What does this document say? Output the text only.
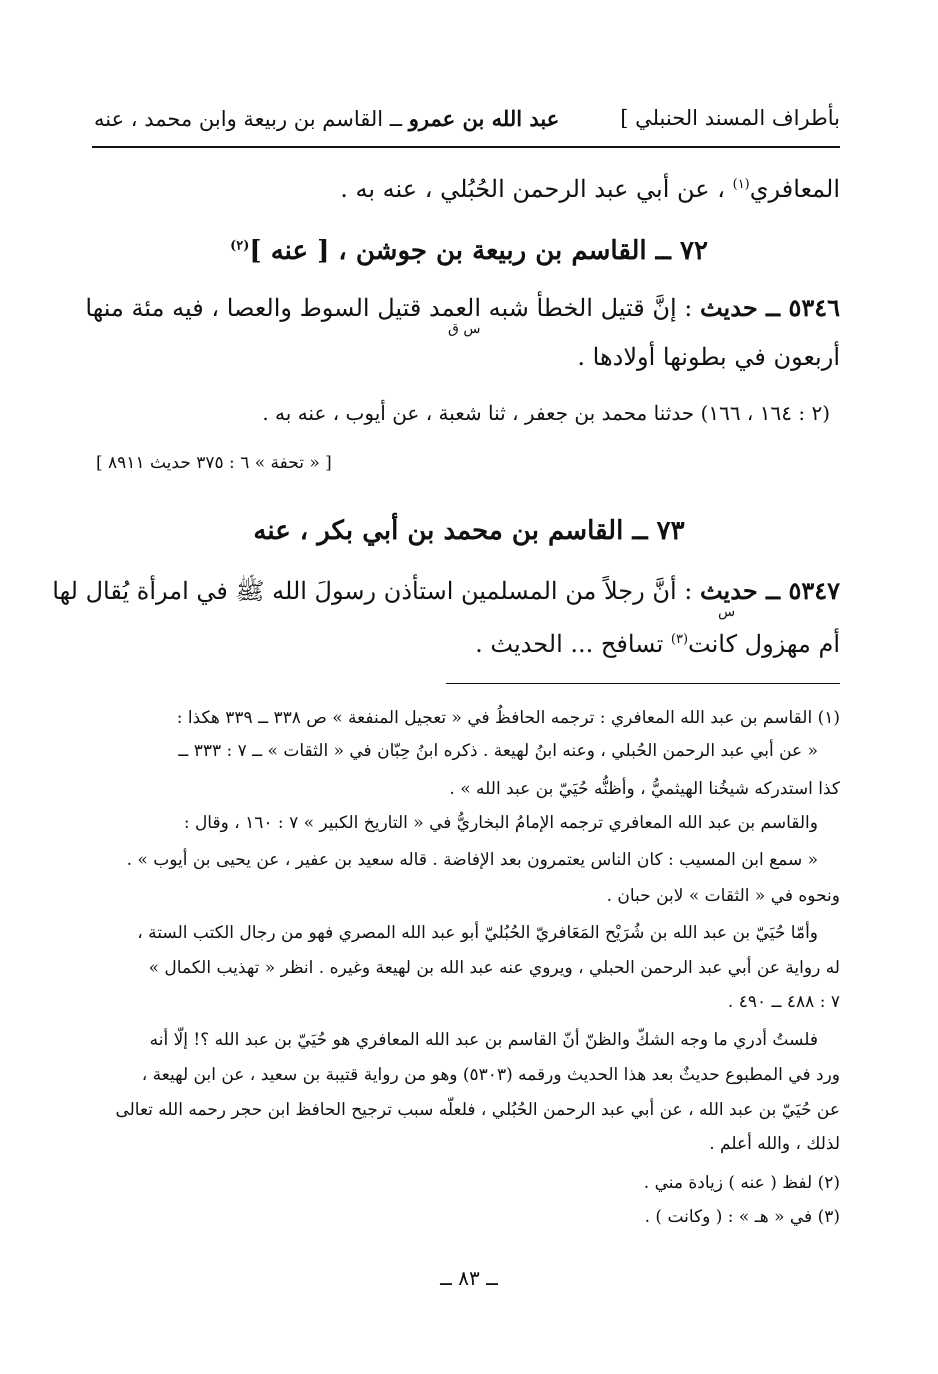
بأطراف المسند الحنبلي ]
عبد الله بن عمرو ــ القاسم بن ربيعة وابن محمد ، عنه
المعافري$^{(١)}$ ، عن أبي عبد الرحمن الحُبُلي ، عنه به .
٧٢ ــ القاسم بن ربيعة بن جوشن ، [ عنه ]$^{(٢)}$
٥٣٤٦ ــ حديث : إنَّ قتيل الخطأ شبه العمد قتيل السوط والعصا ، فيه مئة منها
س ق
أربعون في بطونها أولادها .
(٢ : ١٦٤ ، ١٦٦) حدثنا محمد بن جعفر ، ثنا شعبة ، عن أيوب ، عنه به .
[ « تحفة » ٦ : ٣٧٥ حديث ٨٩١١ ]
٧٣ ــ القاسم بن محمد بن أبي بكر ، عنه
٥٣٤٧ ــ حديث : أنَّ رجلاً من المسلمين استأذن رسولَ الله ﷺ في امرأة يُقال لها
س
أم مهزول كانت$^{(٣)}$ تسافح ... الحديث .
(١) القاسم بن عبد الله المعافري : ترجمه الحافظُ في « تعجيل المنفعة » ص ٣٣٨ ــ ٣٣٩ هكذا :
« عن أبي عبد الرحمن الحُبلي ، وعنه ابنُ لهيعة . ذكره ابنُ حِبّان في « الثقات » ــ ٧ : ٣٣٣ ــ
كذا استدركه شيخُنا الهيثميُّ ، وأظنُّه حُيَيّ بن عبد الله » .
والقاسم بن عبد الله المعافري ترجمه الإمامُ البخاريُّ في « التاريخ الكبير » ٧ : ١٦٠ ، وقال :
« سمع ابن المسيب : كان الناس يعتمرون بعد الإفاضة . قاله سعيد بن عفير ، عن يحيى بن أيوب » .
ونحوه في « الثقات » لابن حبان .
وأمّا حُيَيّ بن عبد الله بن شُرَيْح المَعَافريّ الحُبُليّ أبو عبد الله المصري فهو من رجال الكتب الستة ،
له رواية عن أبي عبد الرحمن الحبلي ، ويروي عنه عبد الله بن لهيعة وغيره . انظر « تهذيب الكمال »
٧ : ٤٨٨ ــ ٤٩٠ .
فلستُ أدري ما وجه الشكّ والظنّ أنّ القاسم بن عبد الله المعافري هو حُيَيّ بن عبد الله ؟! إلّا أنه
ورد في المطبوع حديثٌ بعد هذا الحديث ورقمه (٥٣٠٣) وهو من رواية قتيبة بن سعيد ، عن ابن لهيعة ،
عن حُيَيّ بن عبد الله ، عن أبي عبد الرحمن الحُبُلي ، فلعلّه سبب ترجيح الحافظ ابن حجر رحمه الله تعالى
لذلك ، والله أعلم .
(٢) لفظ ( عنه ) زيادة مني .
(٣) في « هـ » : ( وكانت ) .
ــ ٨٣ ــ
